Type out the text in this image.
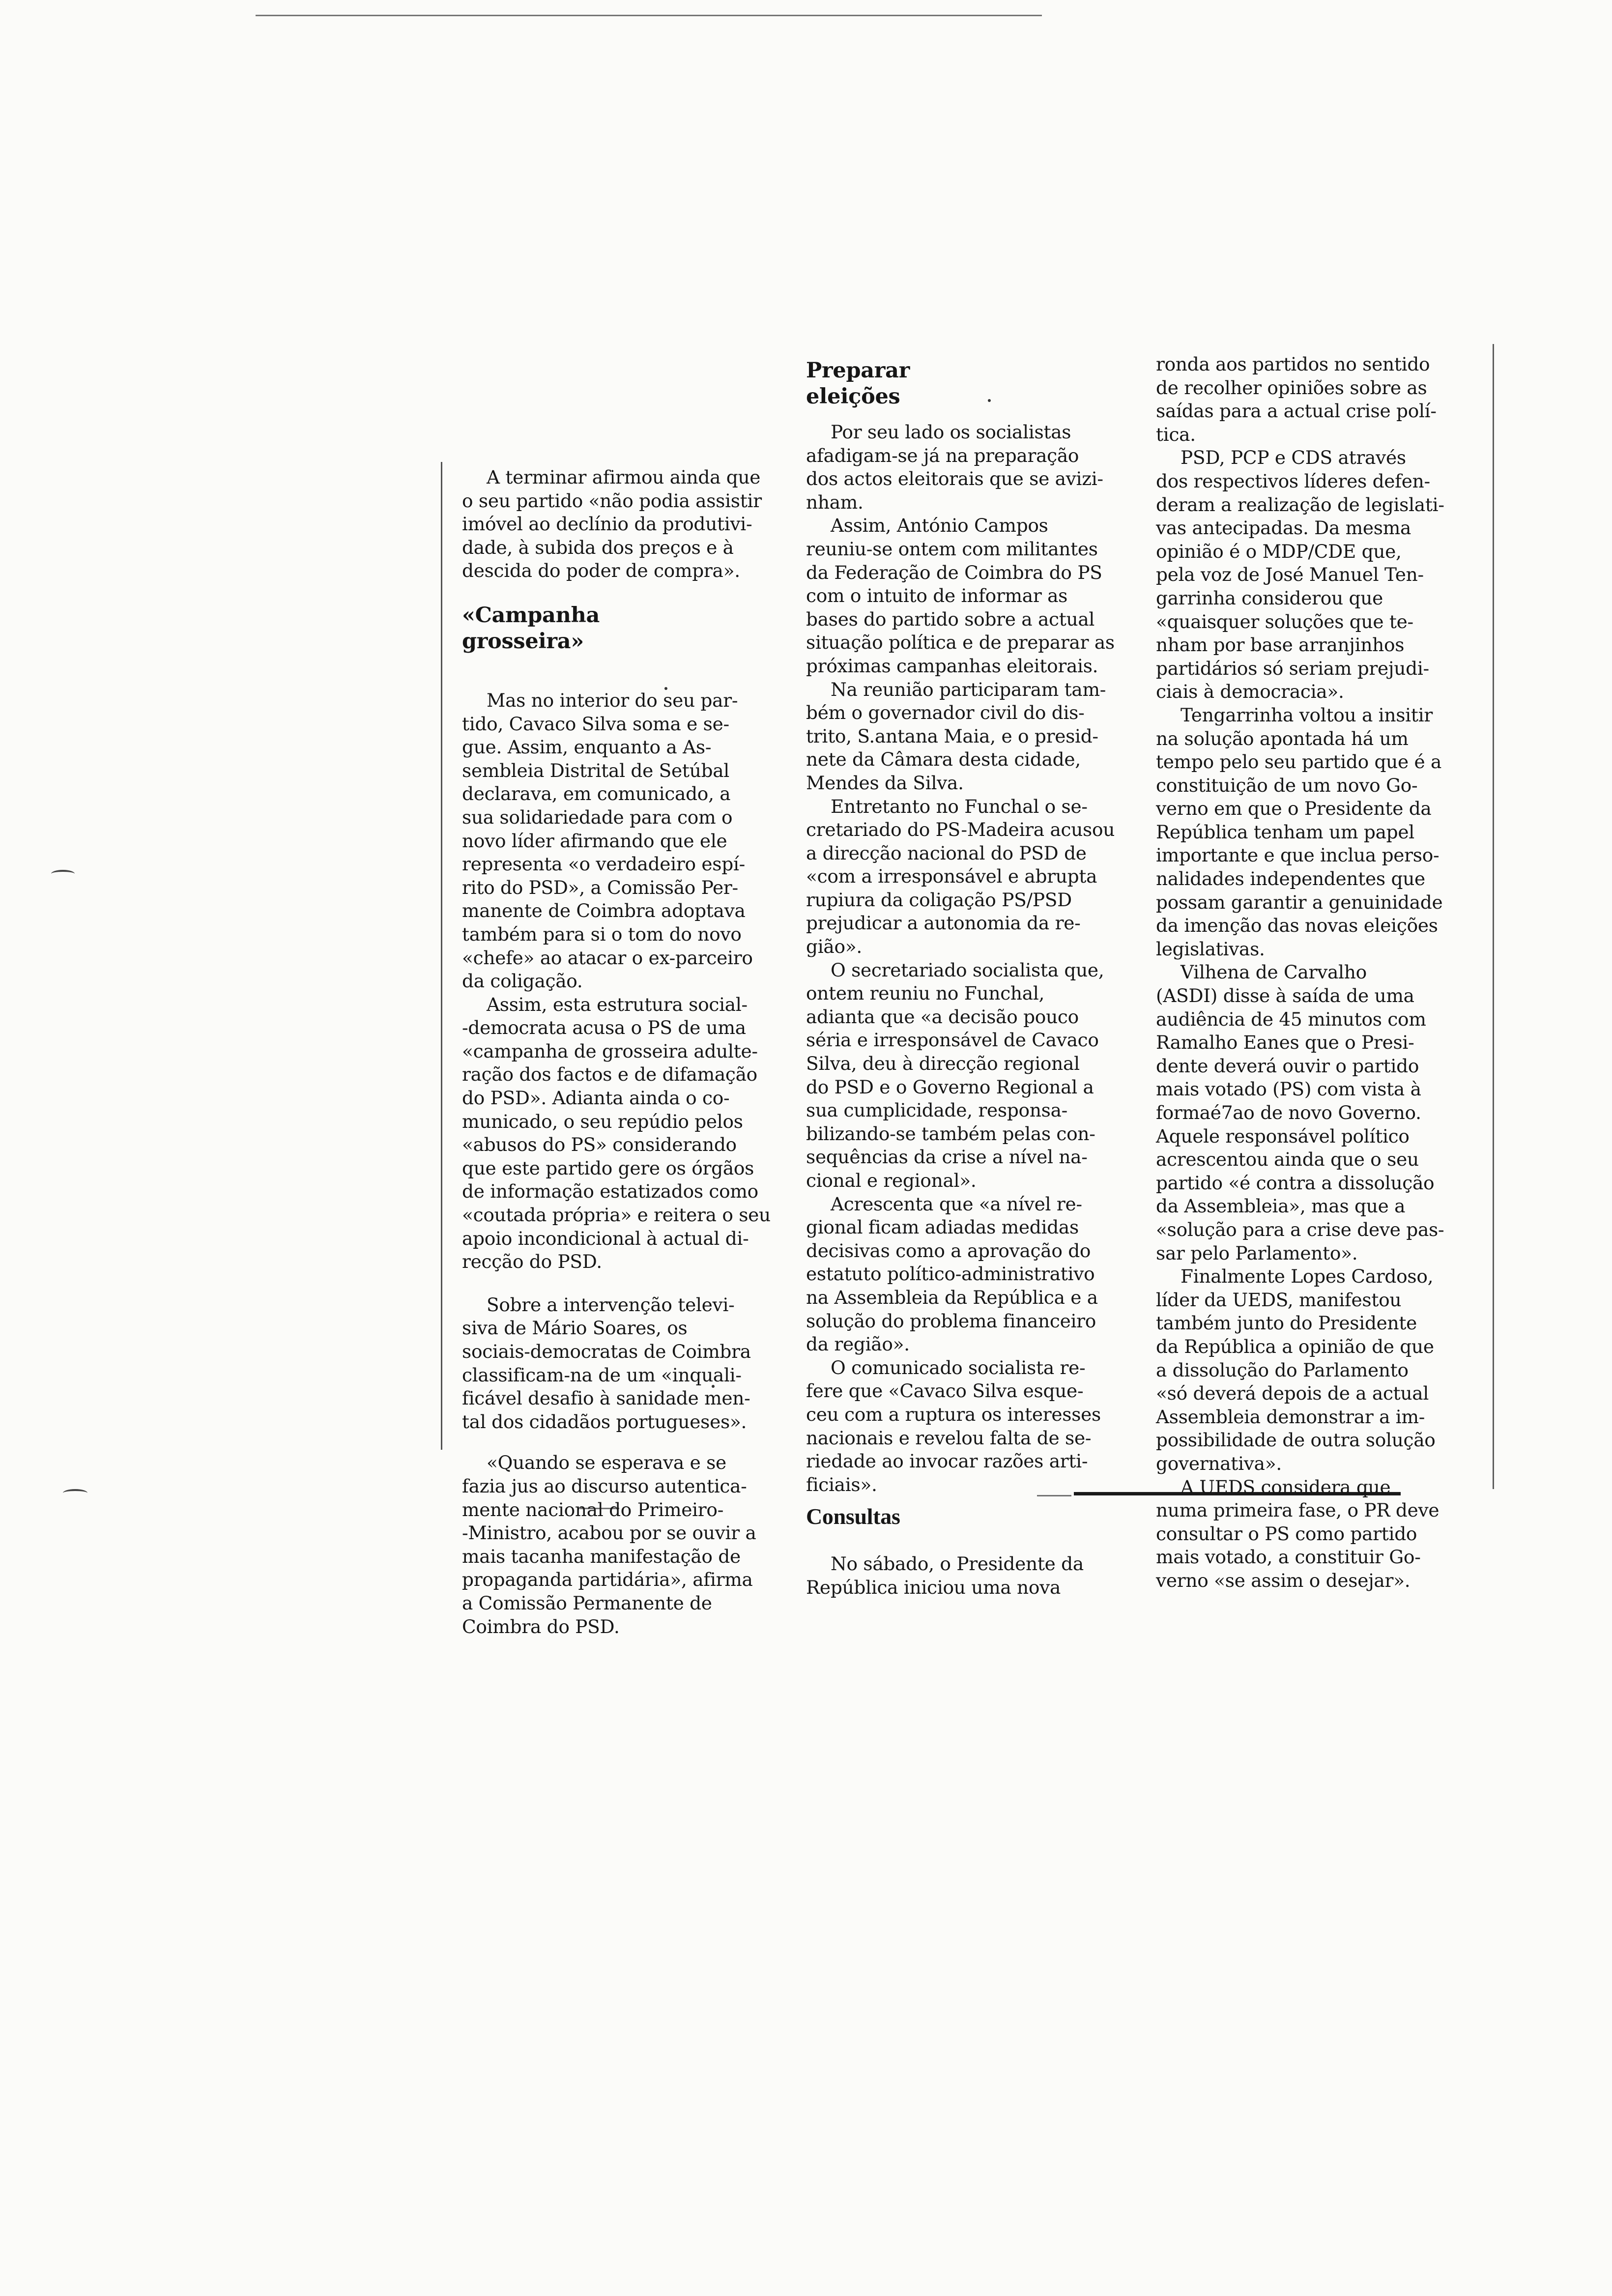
A terminar afirmou ainda que

o seu partido «não podia assistir

imóvel ao declínio da produtivi-

dade, à subida dos preços e à

descida do poder de compra».

«Campanha
grosseira»

Mas no interior do seu par-

tido, Cavaco Silva soma e se-

gue. Assim, enquanto a As-

sembleia Distrital de Setúbal

declarava, em comunicado, a

sua solidariedade para com o

novo líder afirmando que ele

representa «o verdadeiro espí-

rito do PSD», a Comissão Per-

manente de Coimbra adoptava

também para si o tom do novo

«chefe» ao atacar o ex-parceiro

da coligação.

Assim, esta estrutura social-

-democrata acusa o PS de uma

«campanha de grosseira adulte-

ração dos factos e de difamação

do PSD». Adianta ainda o co-

municado, o seu repúdio pelos

«abusos do PS» considerando

que este partido gere os órgãos

de informação estatizados como

«coutada própria» e reitera o seu

apoio incondicional à actual di-

recção do PSD.

Sobre a intervenção televi-

siva de Mário Soares, os

sociais-democratas de Coimbra

classificam-na de um «inquali-

ficável desafio à sanidade men-

tal dos cidadãos portugueses».

«Quando se esperava e se

fazia jus ao discurso autentica-

mente nacional do Primeiro-

-Ministro, acabou por se ouvir a

mais tacanha manifestação de

propaganda partidária», afirma

a Comissão Permanente de

Coimbra do PSD.

Preparar
eleições

Por seu lado os socialistas

afadigam-se já na preparação

dos actos eleitorais que se avizi-

nham.

Assim, António Campos

reuniu-se ontem com militantes

da Federação de Coimbra do PS

com o intuito de informar as

bases do partido sobre a actual

situação política e de preparar as

próximas campanhas eleitorais.

Na reunião participaram tam-

bém o governador civil do dis-

trito, S.antana Maia, e o presid-

nete da Câmara desta cidade,

Mendes da Silva.

Entretanto no Funchal o se-

cretariado do PS-Madeira acusou

a direcção nacional do PSD de

«com a irresponsável e abrupta

rupiura da coligação PS/PSD

prejudicar a autonomia da re-

gião».

O secretariado socialista que,

ontem reuniu no Funchal,

adianta que «a decisão pouco

séria e irresponsável de Cavaco

Silva, deu à direcção regional

do PSD e o Governo Regional a

sua cumplicidade, responsa-

bilizando-se também pelas con-

sequências da crise a nível na-

cional e regional».

Acrescenta que «a nível re-

gional ficam adiadas medidas

decisivas como a aprovação do

estatuto político-administrativo

na Assembleia da República e a

solução do problema financeiro

da região».

O comunicado socialista re-

fere que «Cavaco Silva esque-

ceu com a ruptura os interesses

nacionais e revelou falta de se-

riedade ao invocar razões arti-

ficiais».

Consultas

No sábado, o Presidente da

República iniciou uma nova

ronda aos partidos no sentido

de recolher opiniões sobre as

saídas para a actual crise polí-

tica.

PSD, PCP e CDS através

dos respectivos líderes defen-

deram a realização de legislati-

vas antecipadas. Da mesma

opinião é o MDP/CDE que,

pela voz de José Manuel Ten-

garrinha considerou que

«quaisquer soluções que te-

nham por base arranjinhos

partidários só seriam prejudi-

ciais à democracia».

Tengarrinha voltou a insitir

na solução apontada há um

tempo pelo seu partido que é a

constituição de um novo Go-

verno em que o Presidente da

República tenham um papel

importante e que inclua perso-

nalidades independentes que

possam garantir a genuinidade

da imenção das novas eleições

legislativas.

Vilhena de Carvalho

(ASDI) disse à saída de uma

audiência de 45 minutos com

Ramalho Eanes que o Presi-

dente deverá ouvir o partido

mais votado (PS) com vista à

formaé7ao de novo Governo.

Aquele responsável político

acrescentou ainda que o seu

partido «é contra a dissolução

da Assembleia», mas que a

«solução para a crise deve pas-

sar pelo Parlamento».

Finalmente Lopes Cardoso,

líder da UEDS, manifestou

também junto do Presidente

da República a opinião de que

a dissolução do Parlamento

«só deverá depois de a actual

Assembleia demonstrar a im-

possibilidade de outra solução

governativa».

A UEDS considera que

numa primeira fase, o PR deve

consultar o PS como partido

mais votado, a constituir Go-

verno «se assim o desejar».
